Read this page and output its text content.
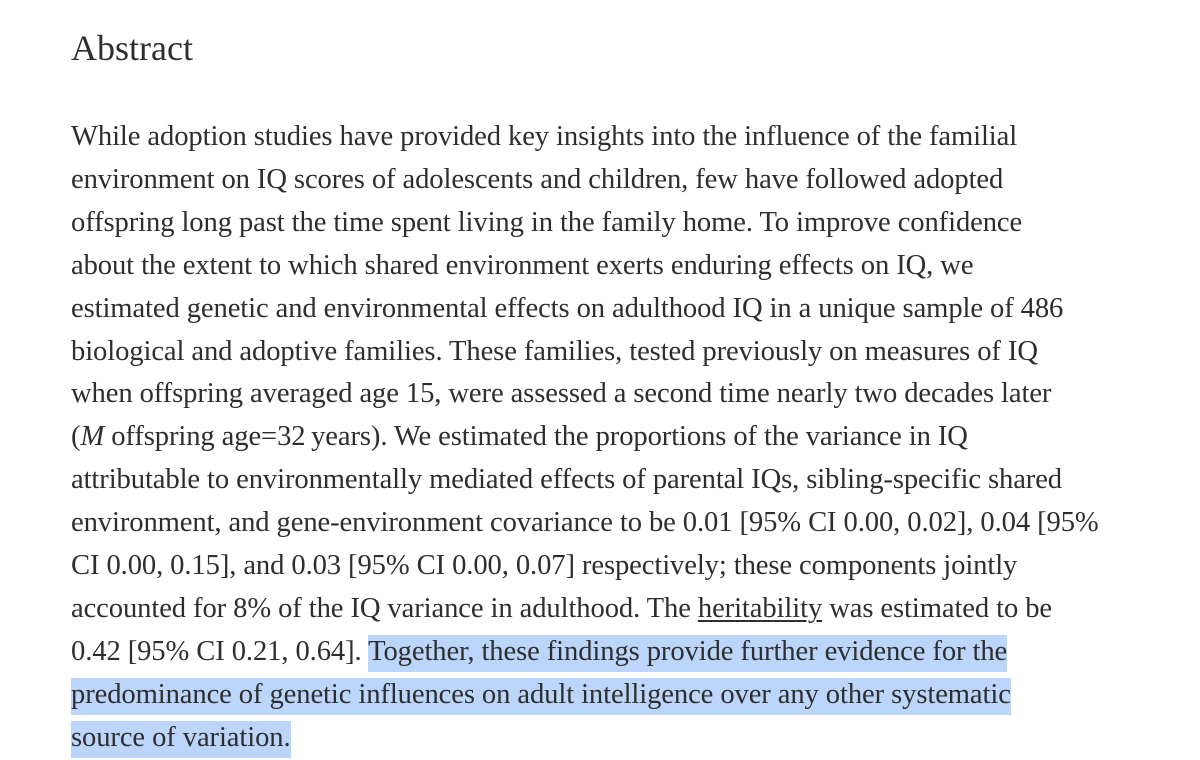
Abstract

While adoption studies have provided key insights into the influence of the familial
environment on IQ scores of adolescents and children, few have followed adopted
offspring long past the time spent living in the family home. To improve confidence
about the extent to which shared environment exerts enduring effects on IQ, we
estimated genetic and environmental effects on adulthood IQ in a unique sample of 486
biological and adoptive families. These families, tested previously on measures of IQ
when offspring averaged age 15, were assessed a second time nearly two decades later
(M offspring age=32 years). We estimated the proportions of the variance in IQ
attributable to environmentally mediated effects of parental IQs, sibling-specific shared
environment, and gene-environment covariance to be 0.01 [95% CI 0.00, 0.02], 0.04 [95%
CI 0.00, 0.15], and 0.03 [95% CI 0.00, 0.07] respectively; these components jointly
accounted for 8% of the IQ variance in adulthood. The heritability was estimated to be
0.42 [95% CI 0.21, 0.64]. Together, these findings provide further evidence for the
predominance of genetic influences on adult intelligence over any other systematic
source of variation.
